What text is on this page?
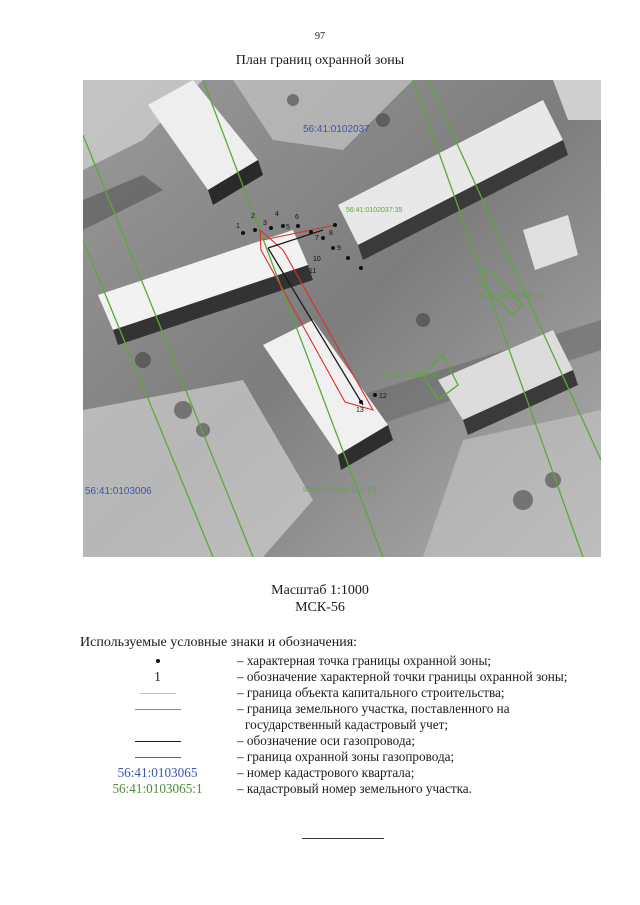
97
План границ охранной зоны
1
2
3
4
5
6
7
8
9
10
11
12
13
56:41:0102037
56:41:0103006
56:41:0102037:35
56:41:0000000:45 (2)
56:41:0102037:47
56:41:0000000:1111 (3)
Масштаб 1:1000
МСК-56
Используемые условные знаки и обозначения:
– характерная точка границы охранной зоны;
1	– обозначение характерной точки границы охранной зоны;
– граница объекта капитального строительства;
– граница земельного участка, поставленного на
государственный кадастровый учет;
– обозначение оси газопровода;
– граница охранной зоны газопровода;
56:41:0103065	– номер кадастрового квартала;
56:41:0103065:1	– кадастровый номер земельного участка.
